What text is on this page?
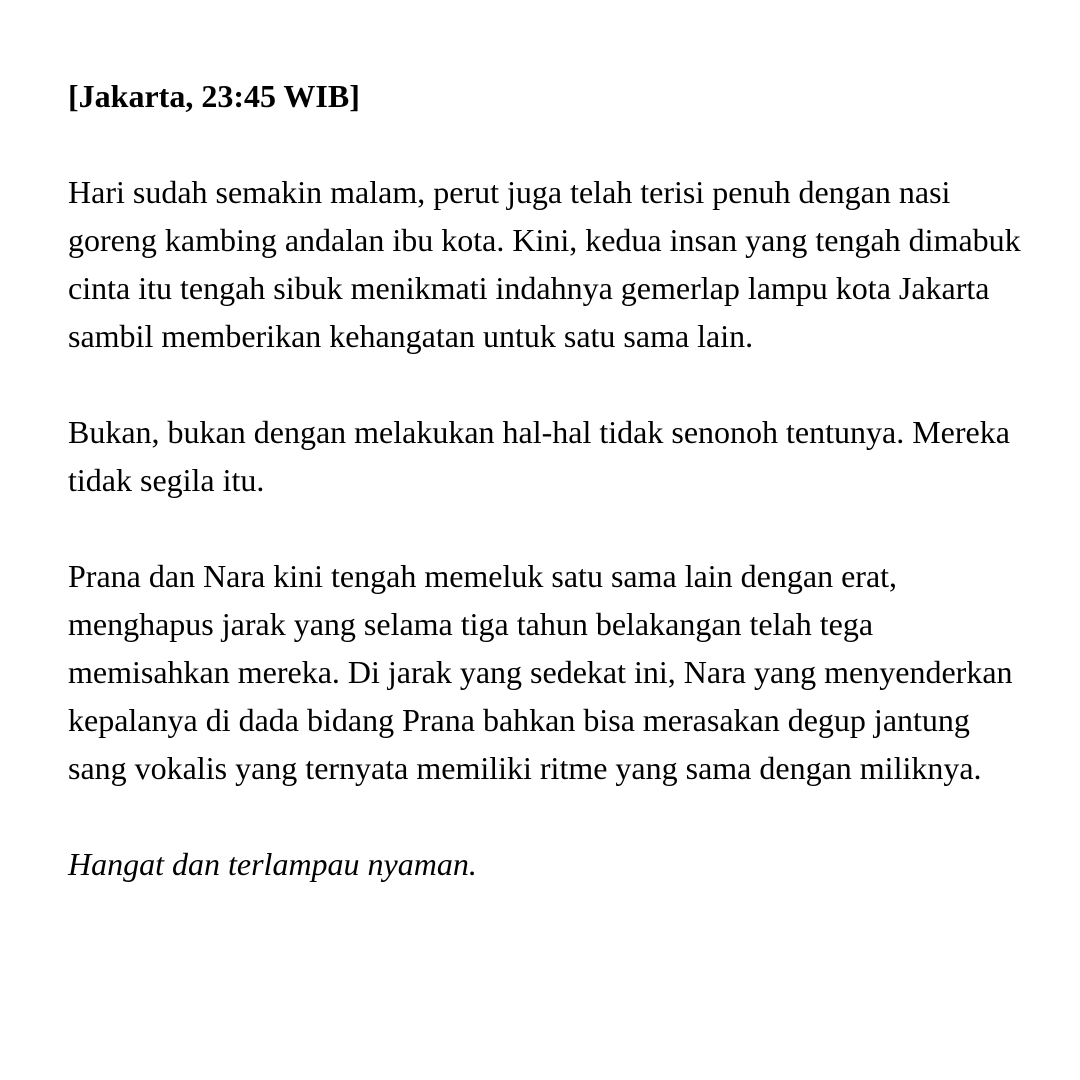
[Jakarta, 23:45 WIB]
Hari sudah semakin malam, perut juga telah terisi penuh dengan nasi goreng kambing andalan ibu kota. Kini, kedua insan yang tengah dimabuk cinta itu tengah sibuk menikmati indahnya gemerlap lampu kota Jakarta sambil memberikan kehangatan untuk satu sama lain.
Bukan, bukan dengan melakukan hal-hal tidak senonoh tentunya. Mereka tidak segila itu.
Prana dan Nara kini tengah memeluk satu sama lain dengan erat, menghapus jarak yang selama tiga tahun belakangan telah tega memisahkan mereka. Di jarak yang sedekat ini, Nara yang menyenderkan kepalanya di dada bidang Prana bahkan bisa merasakan degup jantung sang vokalis yang ternyata memiliki ritme yang sama dengan miliknya.
Hangat dan terlampau nyaman.
